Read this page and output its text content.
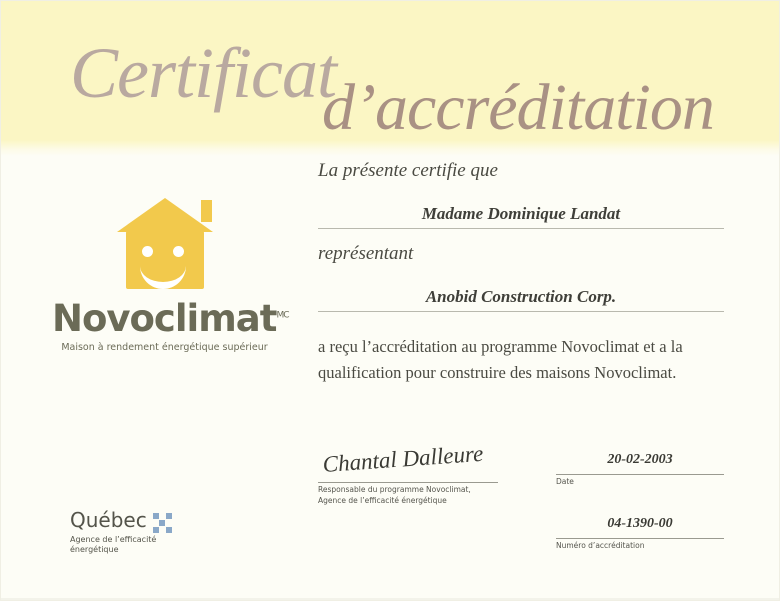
Certificat
d’accréditation
Novoclimat$^{MC}$
Maison à rendement énergétique supérieur

La présente certifie que

Madame Dominique Landat

représentant

Anobid Construction Corp.

a reçu l’accréditation au programme Novoclimat et a la qualification pour construire des maisons Novoclimat.

Chantal Dalleure
Responsable du programme Novoclimat,
Agence de l’efficacité énergétique
20-02-2003
Date
04-1390-00
Numéro d’accréditation
Québec
Agence de l’efficacité
énergétique
